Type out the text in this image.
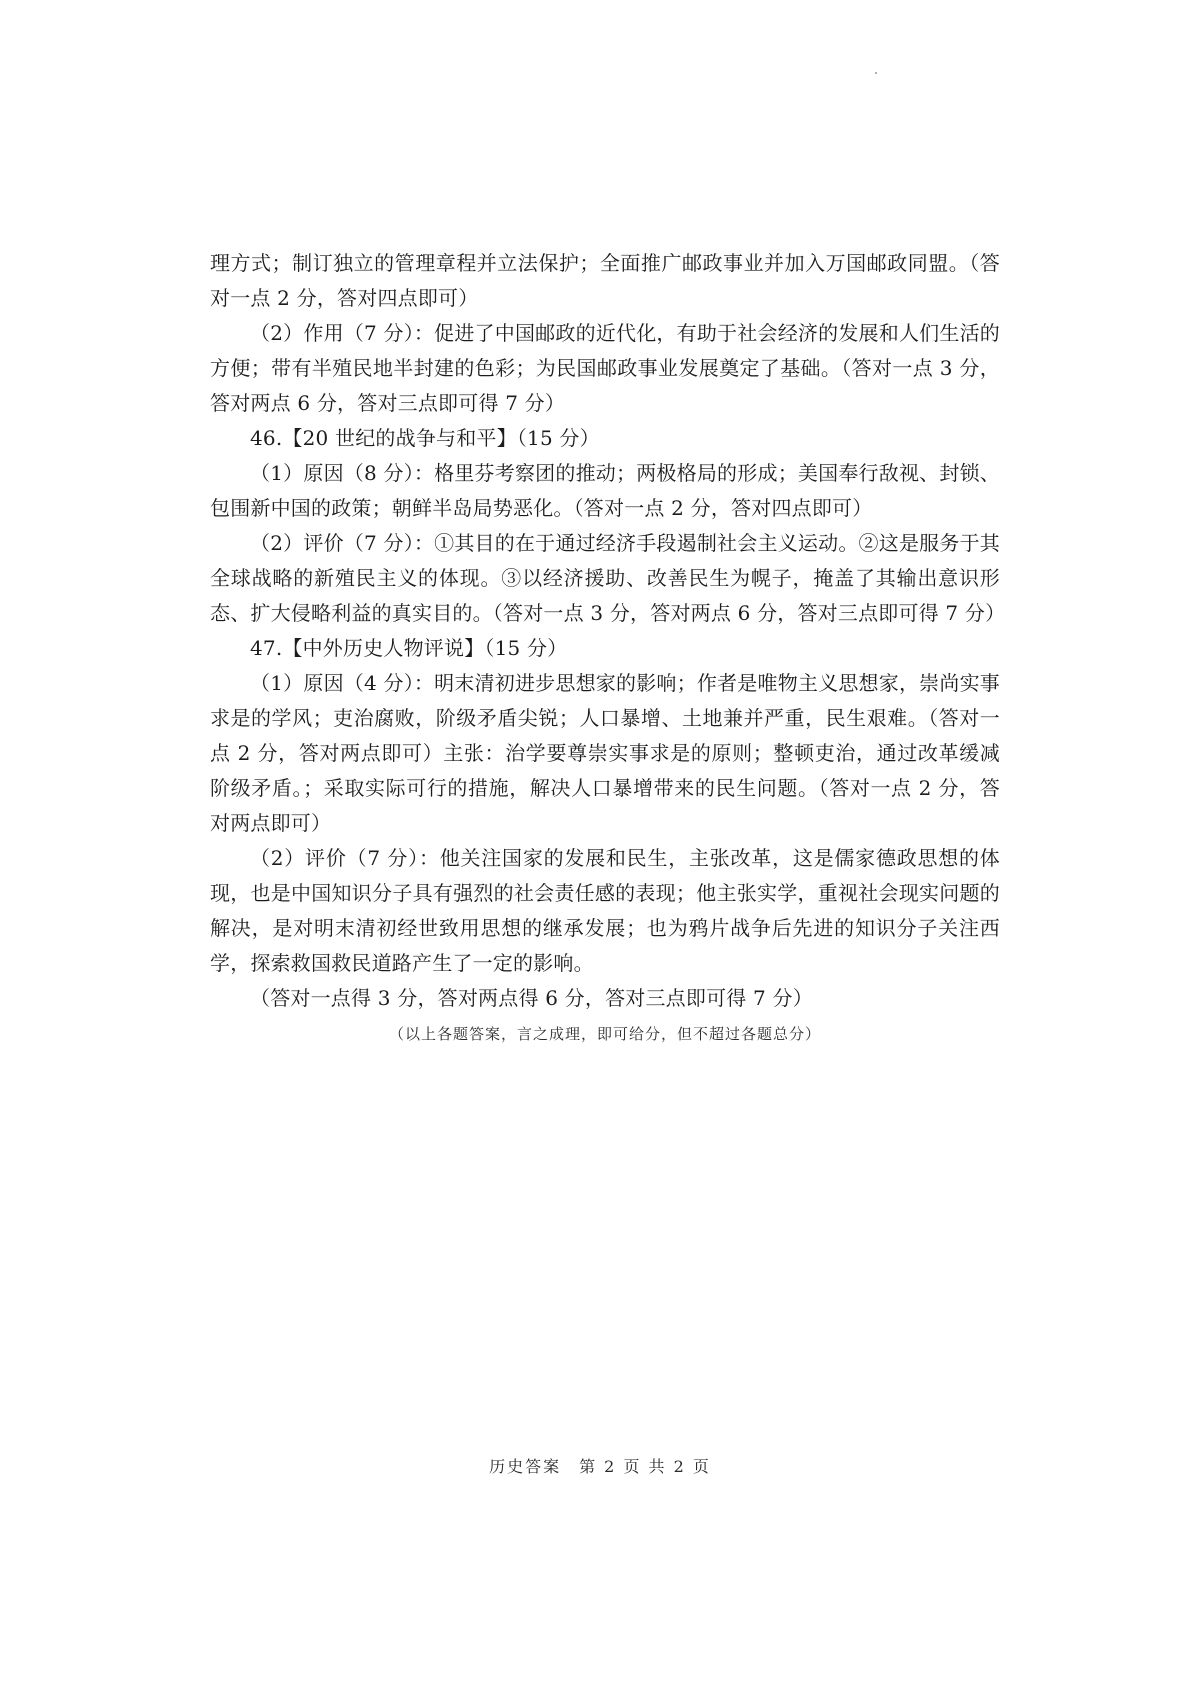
理方式；制订独立的管理章程并立法保护；全面推广邮政事业并加入万国邮政同盟。（答对一点 2 分，答对四点即可）

（2）作用（7 分）：促进了中国邮政的近代化，有助于社会经济的发展和人们生活的方便；带有半殖民地半封建的色彩；为民国邮政事业发展奠定了基础。（答对一点 3 分，答对两点 6 分，答对三点即可得 7 分）

46.【20 世纪的战争与和平】（15 分）

（1）原因（8 分）：格里芬考察团的推动；两极格局的形成；美国奉行敌视、封锁、包围新中国的政策；朝鲜半岛局势恶化。（答对一点 2 分，答对四点即可）

（2）评价（7 分）：①其目的在于通过经济手段遏制社会主义运动。②这是服务于其全球战略的新殖民主义的体现。③以经济援助、改善民生为幌子，掩盖了其输出意识形态、扩大侵略利益的真实目的。（答对一点 3 分，答对两点 6 分，答对三点即可得 7 分）

47.【中外历史人物评说】（15 分）

（1）原因（4 分）：明末清初进步思想家的影响；作者是唯物主义思想家，崇尚实事求是的学风；吏治腐败，阶级矛盾尖锐；人口暴增、土地兼并严重，民生艰难。（答对一点 2 分，答对两点即可）主张：治学要尊崇实事求是的原则；整顿吏治，通过改革缓减阶级矛盾。；采取实际可行的措施，解决人口暴增带来的民生问题。（答对一点 2 分，答对两点即可）

（2）评价（7 分）：他关注国家的发展和民生，主张改革，这是儒家德政思想的体现，也是中国知识分子具有强烈的社会责任感的表现；他主张实学，重视社会现实问题的解决，是对明末清初经世致用思想的继承发展；也为鸦片战争后先进的知识分子关注西学，探索救国救民道路产生了一定的影响。

（答对一点得 3 分，答对两点得 6 分，答对三点即可得 7 分）

（以上各题答案，言之成理，即可给分，但不超过各题总分）
历史答案　第 2 页 共 2 页
